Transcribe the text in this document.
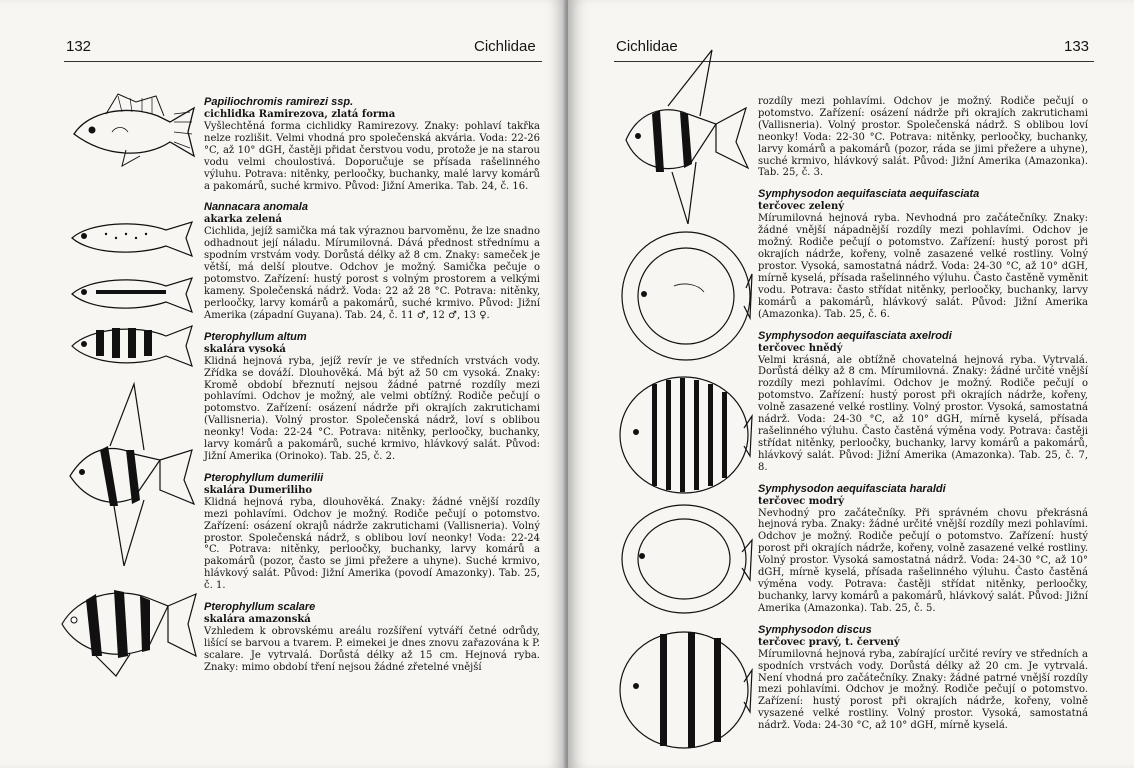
132	Cichlidae
Papiliochromis ramirezi ssp.
cichlidka Ramirezova, zlatá forma
Vyšlechtěná forma cichlidky Ramirezovy. Znaky: pohlaví takřka nelze rozlišit. Velmi vhodná pro společenská akvária. Voda: 22-26 °C, až 10° dGH, častěji přidat čerstvou vodu, protože je na starou vodu velmi choulostivá. Doporučuje se přísada rašelinného výluhu. Potrava: nitěnky, perloočky, buchanky, malé larvy komárů a pakomárů, suché krmivo. Původ: Jižní Amerika. Tab. 24, č. 16.
Nannacara anomala
akarka zelená
Cichlida, jejíž samička má tak výraznou barvoměnu, že lze snadno odhadnout její náladu. Mírumilovná. Dává přednost střednímu a spodním vrstvám vody. Dorůstá délky až 8 cm. Znaky: sameček je větší, má delší ploutve. Odchov je možný. Samička pečuje o potomstvo. Zařízení: hustý porost s volným prostorem a velkými kameny. Společenská nádrž. Voda: 22 až 28 °C. Potrava: nitěnky, perloočky, larvy komárů a pakomárů, suché krmivo. Původ: Jižní Amerika (západní Guyana). Tab. 24, č. 11 ♂, 12 ♂, 13 ♀.
Pterophyllum altum
skalára vysoká
Klidná hejnová ryba, jejíž revír je ve středních vrstvách vody. Zřídka se dováží. Dlouhověká. Má být až 50 cm vysoká. Znaky: Kromě období březnutí nejsou žádné patrné rozdíly mezi pohlavími. Odchov je možný, ale velmi obtížný. Rodiče pečují o potomstvo. Zařízení: osázení nádrže při okrajích zakrutichami (Vallisneria). Volný prostor. Společenská nádrž, loví s oblibou neonky! Voda: 22-24 °C. Potrava: nitěnky, perloočky, buchanky, larvy komárů a pakomárů, suché krmivo, hlávkový salát. Původ: Jižní Amerika (Orinoko). Tab. 25, č. 2.
Pterophyllum dumerilii
skalára Dumeriliho
Klidná hejnová ryba, dlouhověká. Znaky: žádné vnější rozdíly mezi pohlavími. Odchov je možný. Rodiče pečují o potomstvo. Zařízení: osázení okrajů nádrže zakrutichami (Vallisneria). Volný prostor. Společenská nádrž, s oblibou loví neonky! Voda: 22-24 °C. Potrava: nitěnky, perloočky, buchanky, larvy komárů a pakomárů (pozor, často se jimi přežere a uhyne). Suché krmivo, hlávkový salát. Původ: Jižní Amerika (povodí Amazonky). Tab. 25, č. 1.
Pterophyllum scalare
skalára amazonská
Vzhledem k obrovskému areálu rozšíření vytváří četné odrůdy, lišící se barvou a tvarem. P. eimekei je dnes znovu zařazována k P. scalare. Je vytrvalá. Dorůstá délky až 15 cm. Hejnová ryba. Znaky: mimo období tření nejsou žádné zřetelné vnější
Cichlidae	133
rozdíly mezi pohlavími. Odchov je možný. Rodiče pečují o potomstvo. Zařízení: osázení nádrže při okrajích zakrutichami (Vallisneria). Volný prostor. Společenská nádrž. S oblibou loví neonky! Voda: 22-30 °C. Potrava: nitěnky, perloočky, buchanky, larvy komárů a pakomárů (pozor, ráda se jimi přežere a uhyne), suché krmivo, hlávkový salát. Původ: Jižní Amerika (Amazonka). Tab. 25, č. 3.
Symphysodon aequifasciata aequifasciata
terčovec zelený
Mírumilovná hejnová ryba. Nevhodná pro začátečníky. Znaky: žádné vnější nápadnější rozdíly mezi pohlavími. Odchov je možný. Rodiče pečují o potomstvo. Zařízení: hustý porost při okrajích nádrže, kořeny, volně zasazené velké rostliny. Volný prostor. Vysoká, samostatná nádrž. Voda: 24-30 °C, až 10° dGH, mírně kyselá, přísada rašelinného výluhu. Často častěně vyměnit vodu. Potrava: často střídat nitěnky, perloočky, buchanky, larvy komárů a pakomárů, hlávkový salát. Původ: Jižní Amerika (Amazonka). Tab. 25, č. 6.
Symphysodon aequifasciata axelrodi
terčovec hnědý
Velmi krásná, ale obtížně chovatelná hejnová ryba. Vytrvalá. Dorůstá délky až 8 cm. Mírumilovná. Znaky: žádné určité vnější rozdíly mezi pohlavími. Odchov je možný. Rodiče pečují o potomstvo. Zařízení: hustý porost při okrajích nádrže, kořeny, volně zasazené velké rostliny. Volný prostor. Vysoká, samostatná nádrž. Voda: 24-30 °C, až 10° dGH, mírně kyselá, přísada rašelinného výluhu. Často častěná výměna vody. Potrava: častěji střídat nitěnky, perloočky, buchanky, larvy komárů a pakomárů, hlávkový salát. Původ: Jižní Amerika (Amazonka). Tab. 25, č. 7, 8.
Symphysodon aequifasciata haraldi
terčovec modrý
Nevhodný pro začátečníky. Při správném chovu překrásná hejnová ryba. Znaky: žádné určité vnější rozdíly mezi pohlavími. Odchov je možný. Rodiče pečují o potomstvo. Zařízení: hustý porost při okrajích nádrže, kořeny, volně zasazené velké rostliny. Volný prostor. Vysoká samostatná nádrž. Voda: 24-30 °C, až 10° dGH, mírně kyselá, přísada rašelinného výluhu. Často častěná výměna vody. Potrava: častěji střídat nitěnky, perloočky, buchanky, larvy komárů a pakomárů, hlávkový salát. Původ: Jižní Amerika (Amazonka). Tab. 25, č. 5.
Symphysodon discus
terčovec pravý, t. červený
Mírumilovná hejnová ryba, zabírající určité revíry ve středních a spodních vrstvách vody. Dorůstá délky až 20 cm. Je vytrvalá. Není vhodná pro začátečníky. Znaky: žádné patrné vnější rozdíly mezi pohlavími. Odchov je možný. Rodiče pečují o potomstvo. Zařízení: hustý porost při okrajích nádrže, kořeny, volně vysazené velké rostliny. Volný prostor. Vysoká, samostatná nádrž. Voda: 24-30 °C, až 10° dGH, mírně kyselá.
